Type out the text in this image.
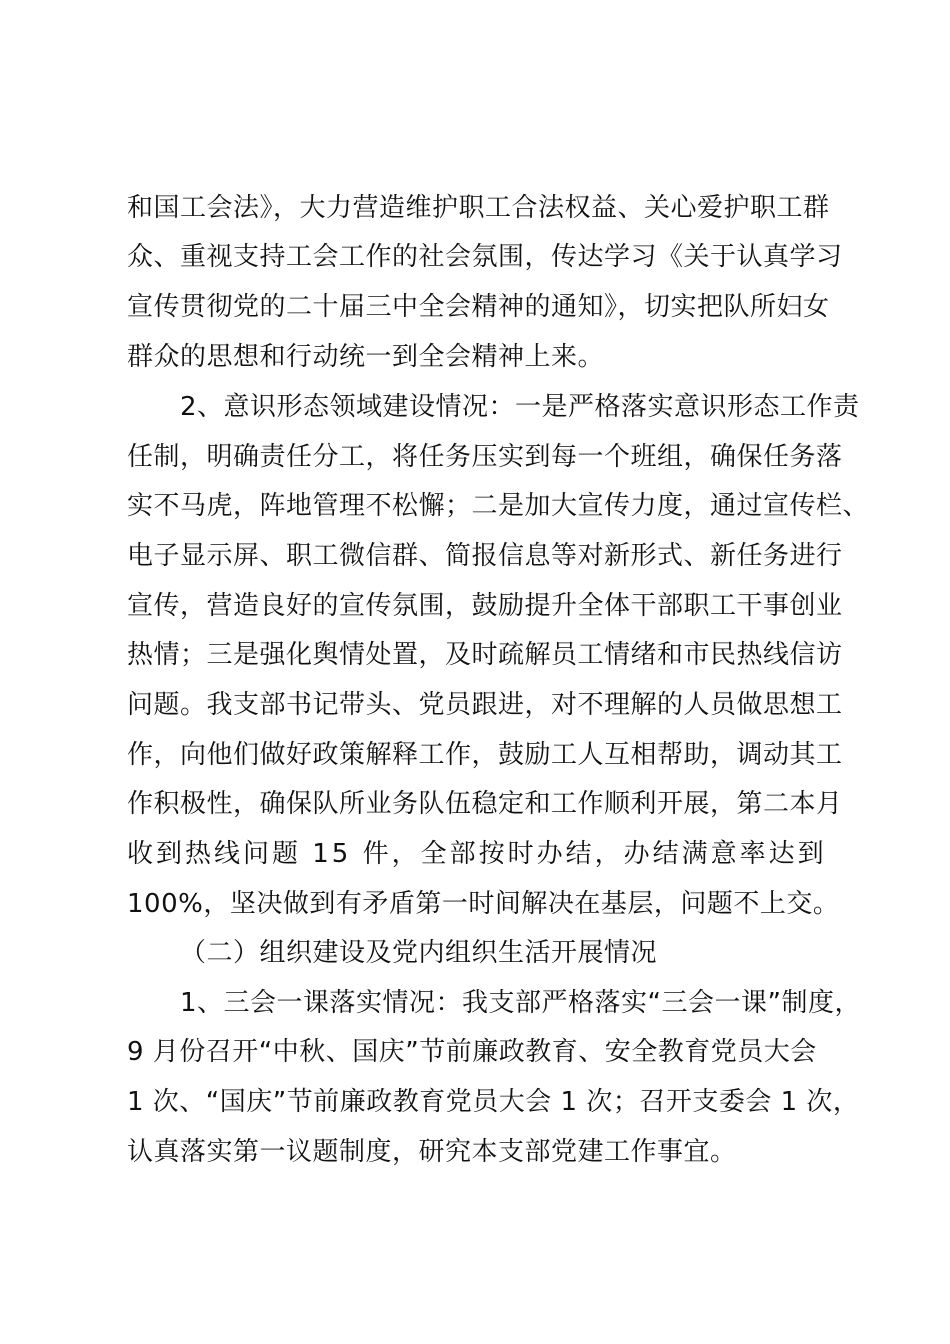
和国工会法》，大力营造维护职工合法权益、关心爱护职工群
众、重视支持工会工作的社会氛围，传达学习《关于认真学习
宣传贯彻党的二十届三中全会精神的通知》，切实把队所妇女
群众的思想和行动统一到全会精神上来。
2、意识形态领域建设情况：一是严格落实意识形态工作责
任制，明确责任分工，将任务压实到每一个班组，确保任务落
实不马虎，阵地管理不松懈；二是加大宣传力度，通过宣传栏、
电子显示屏、职工微信群、简报信息等对新形式、新任务进行
宣传，营造良好的宣传氛围，鼓励提升全体干部职工干事创业
热情；三是强化舆情处置，及时疏解员工情绪和市民热线信访
问题。我支部书记带头、党员跟进，对不理解的人员做思想工
作，向他们做好政策解释工作，鼓励工人互相帮助，调动其工
作积极性，确保队所业务队伍稳定和工作顺利开展，第二本月
收到热线问题 15 件，全部按时办结，办结满意率达到
100%，坚决做到有矛盾第一时间解决在基层，问题不上交。
（二）组织建设及党内组织生活开展情况
1、三会一课落实情况：我支部严格落实“三会一课”制度，
9 月份召开“中秋、国庆”节前廉政教育、安全教育党员大会
1 次、“国庆”节前廉政教育党员大会 1 次；召开支委会 1 次，
认真落实第一议题制度，研究本支部党建工作事宜。
